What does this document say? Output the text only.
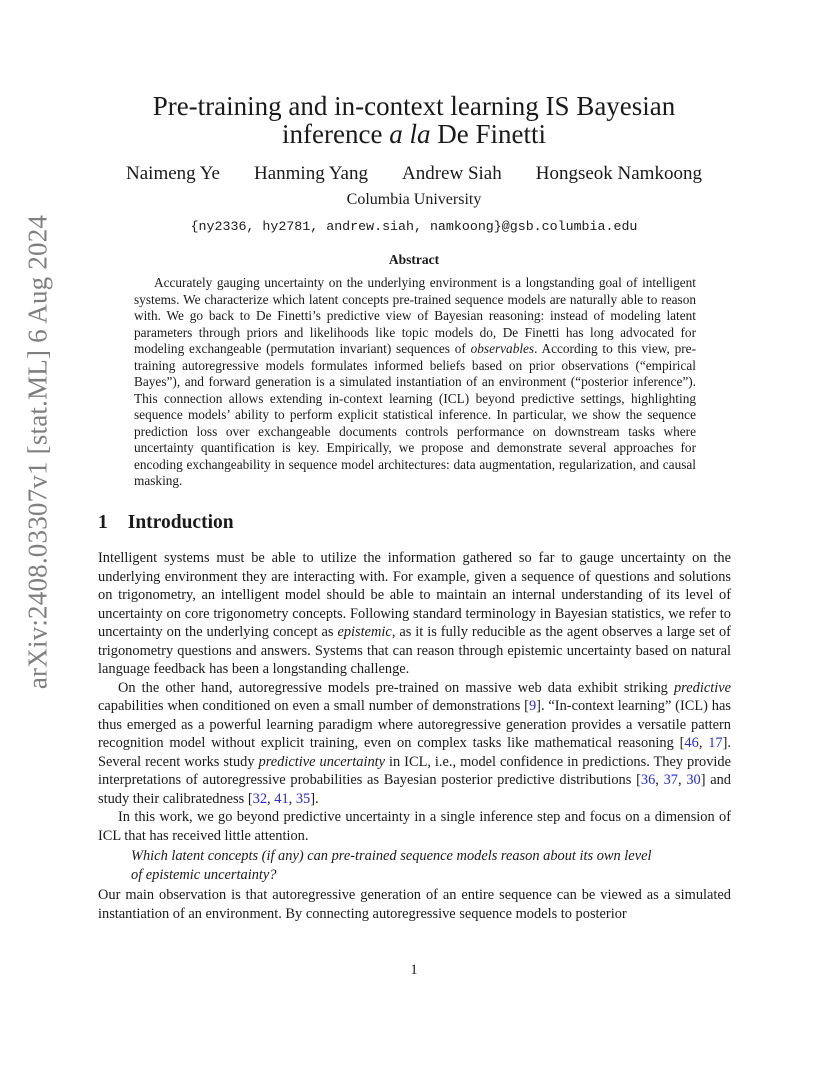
arXiv:2408.03307v1 [stat.ML] 6 Aug 2024
Pre-training and in-context learning IS Bayesian
inference a la De Finetti
Naimeng Ye Hanming Yang Andrew Siah Hongseok Namkoong
Columbia University
{ny2336, hy2781, andrew.siah, namkoong}@gsb.columbia.edu
Abstract

Accurately gauging uncertainty on the underlying environment is a longstanding goal of intelligent systems. We characterize which latent concepts pre-trained sequence models are naturally able to reason with. We go back to De Finetti’s predictive view of Bayesian reasoning: instead of modeling latent parameters through priors and likelihoods like topic models do, De Finetti has long advocated for modeling exchangeable (permutation invariant) sequences of observables. According to this view, pre-training autoregressive models formulates informed beliefs based on prior observations (“empirical Bayes”), and forward generation is a simulated instantiation of an environment (“posterior inference”). This connection allows extending in-context learning (ICL) beyond predictive settings, highlighting sequence models’ ability to perform explicit statistical inference. In particular, we show the sequence prediction loss over exchangeable documents controls performance on downstream tasks where uncertainty quantification is key. Empirically, we propose and demonstrate several approaches for encoding exchangeability in sequence model architectures: data augmentation, regularization, and causal masking.

1 Introduction

Intelligent systems must be able to utilize the information gathered so far to gauge uncertainty on the underlying environment they are interacting with. For example, given a sequence of questions and solutions on trigonometry, an intelligent model should be able to maintain an internal understanding of its level of uncertainty on core trigonometry concepts. Following standard terminology in Bayesian statistics, we refer to uncertainty on the underlying concept as epistemic, as it is fully reducible as the agent observes a large set of trigonometry questions and answers. Systems that can reason through epistemic uncertainty based on natural language feedback has been a longstanding challenge.

On the other hand, autoregressive models pre-trained on massive web data exhibit striking predictive capabilities when conditioned on even a small number of demonstrations [9]. “In-context learning” (ICL) has thus emerged as a powerful learning paradigm where autoregressive generation provides a versatile pattern recognition model without explicit training, even on complex tasks like mathematical reasoning [46, 17]. Several recent works study predictive uncertainty in ICL, i.e., model confidence in predictions. They provide interpretations of autoregressive probabilities as Bayesian posterior predictive distributions [36, 37, 30] and study their calibratedness [32, 41, 35].

In this work, we go beyond predictive uncertainty in a single inference step and focus on a dimension of ICL that has received little attention.

Which latent concepts (if any) can pre-trained sequence models reason about its own level
of epistemic uncertainty?

Our main observation is that autoregressive generation of an entire sequence can be viewed as a simulated instantiation of an environment. By connecting autoregressive sequence models to posterior

1
